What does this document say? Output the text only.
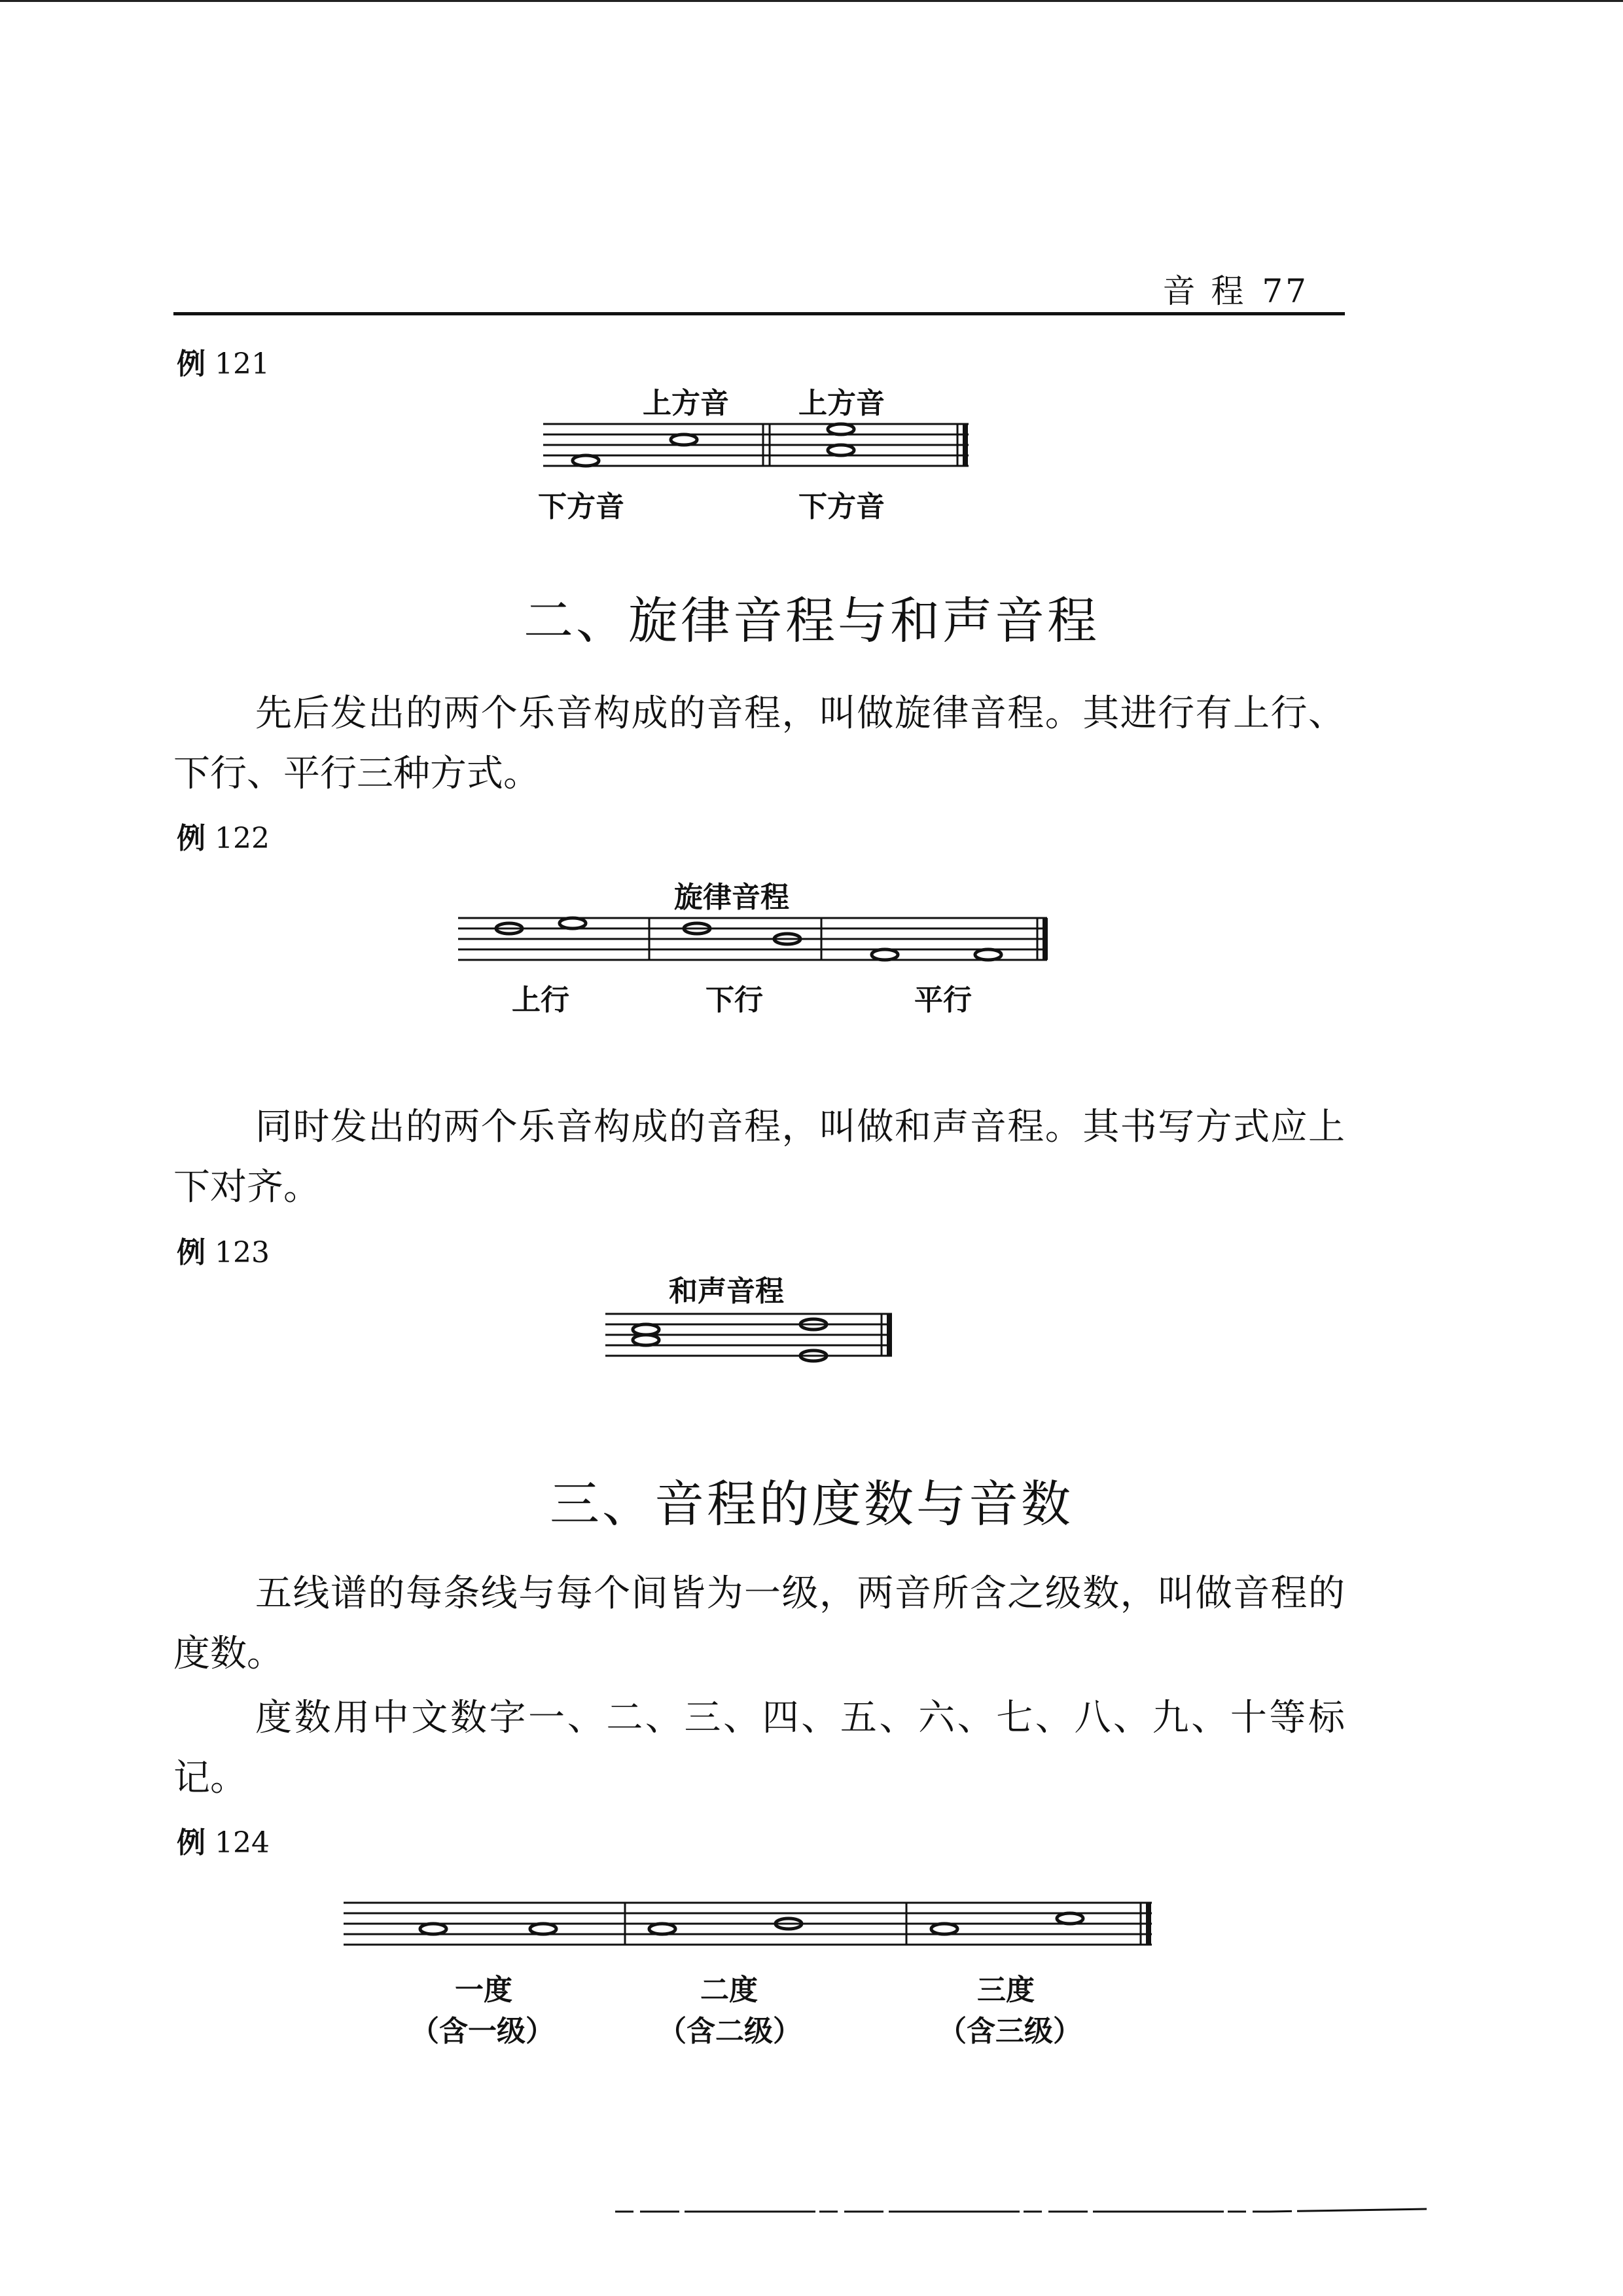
音 程 77
例 121
上方音 上方音
下方音	下方音
二、旋律音程与和声音程
先后发出的两个乐音构成的音程，叫做旋律音程。其进行有上行、下行、平行三种方式。
例 122
旋律音程
上行	下行	平行
同时发出的两个乐音构成的音程，叫做和声音程。其书写方式应上下对齐。
例 123
和声音程
三、音程的度数与音数
五线谱的每条线与每个间皆为一级，两音所含之级数，叫做音程的度数。
度数用中文数字一、二、三、四、五、六、七、八、九、十等标记。
例 124
一度
（含一级）
二度
（含二级）
三度
（含三级）
